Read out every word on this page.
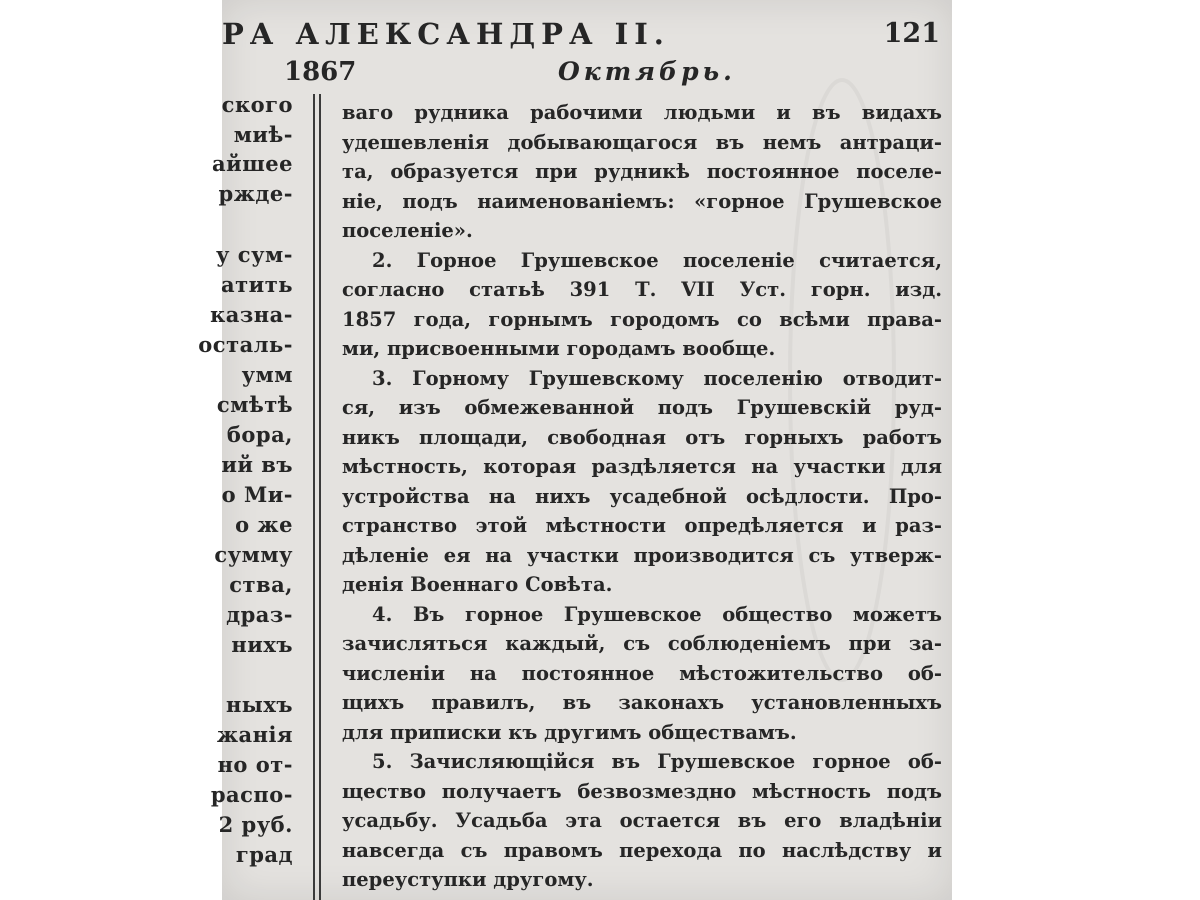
РА АЛЕКСАНДРА II.	121
1867	Октябрь.
ского
миѣ-
айшее
ржде-
у сум-
атить
казна-
осталь-
умм
смѣтѣ
бора,
ий въ
о Ми-
о же
сумму
ства,
драз-
нихъ
ныхъ
жанія
но от-
распо-
2 руб.
град
ваго рудника рабочими людьми и въ видахъ
удешевленія добывающагося въ немъ антраци-
та, образуется при рудникѣ постоянное поселе-
ніе, подъ наименованіемъ: «горное Грушевское
поселеніе».
2. Горное Грушевское поселеніе считается,
согласно статьѣ 391 Т. VII Уст. горн. изд.
1857 года, горнымъ городомъ со всѣми права-
ми, присвоенными городамъ вообще.
3. Горному Грушевскому поселенію отводит-
ся, изъ обмежеванной подъ Грушевскій руд-
никъ площади, свободная отъ горныхъ работъ
мѣстность, которая раздѣляется на участки для
устройства на нихъ усадебной осѣдлости. Про-
странство этой мѣстности опредѣляется и раз-
дѣленіе ея на участки производится съ утверж-
денія Военнаго Совѣта.
4. Въ горное Грушевское общество можетъ
зачисляться каждый, съ соблюденіемъ при за-
численіи на постоянное мѣстожительство об-
щихъ правилъ, въ законахъ установленныхъ
для приписки къ другимъ обществамъ.
5. Зачисляющійся въ Грушевское горное об-
щество получаетъ безвозмездно мѣстность подъ
усадьбу. Усадьба эта остается въ его владѣніи
навсегда съ правомъ перехода по наслѣдству и
переуступки другому.
